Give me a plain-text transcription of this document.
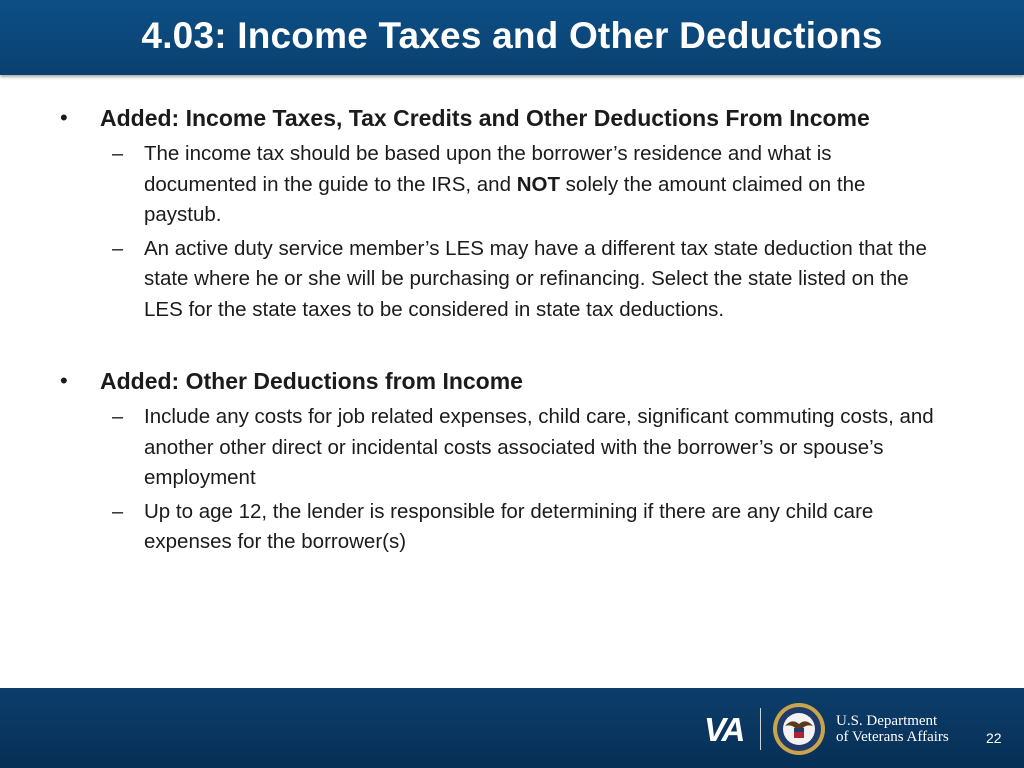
4.03: Income Taxes and Other Deductions
•	Added: Income Taxes, Tax Credits and Other Deductions From Income
–	The income tax should be based upon the borrower’s residence and what is documented in the guide to the IRS, and NOT solely the amount claimed on the paystub.
–	An active duty service member’s LES may have a different tax state deduction that the state where he or she will be purchasing or refinancing. Select the state listed on the LES for the state taxes to be considered in state tax deductions.
•	Added: Other Deductions from Income
–	Include any costs for job related expenses, child care, significant commuting costs, and another other direct or incidental costs associated with the borrower’s or spouse’s employment
–	Up to age 12, the lender is responsible for determining if there are any child care expenses for the borrower(s)
VA	U.S. Department
of Veterans Affairs	22
